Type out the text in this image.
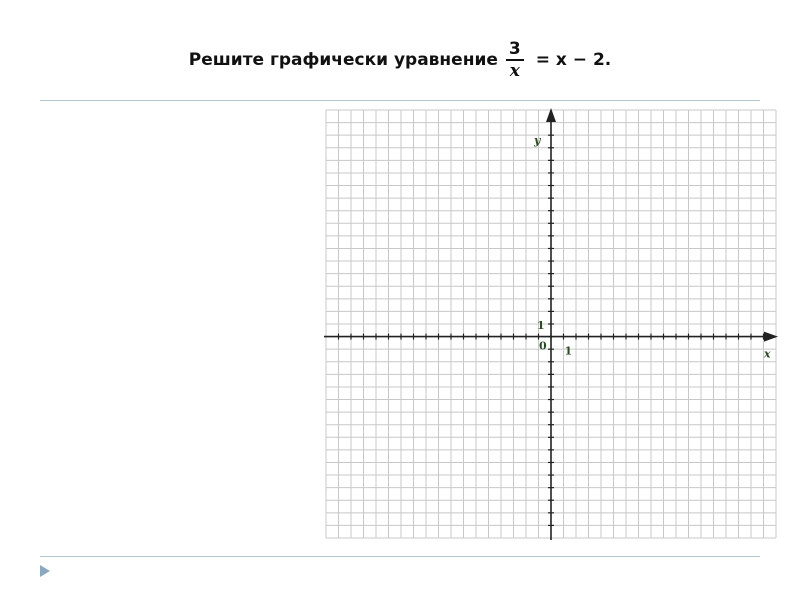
Решите графически уравнение $\frac{3}{x} = x - 2$.
y
x
0 1
1
